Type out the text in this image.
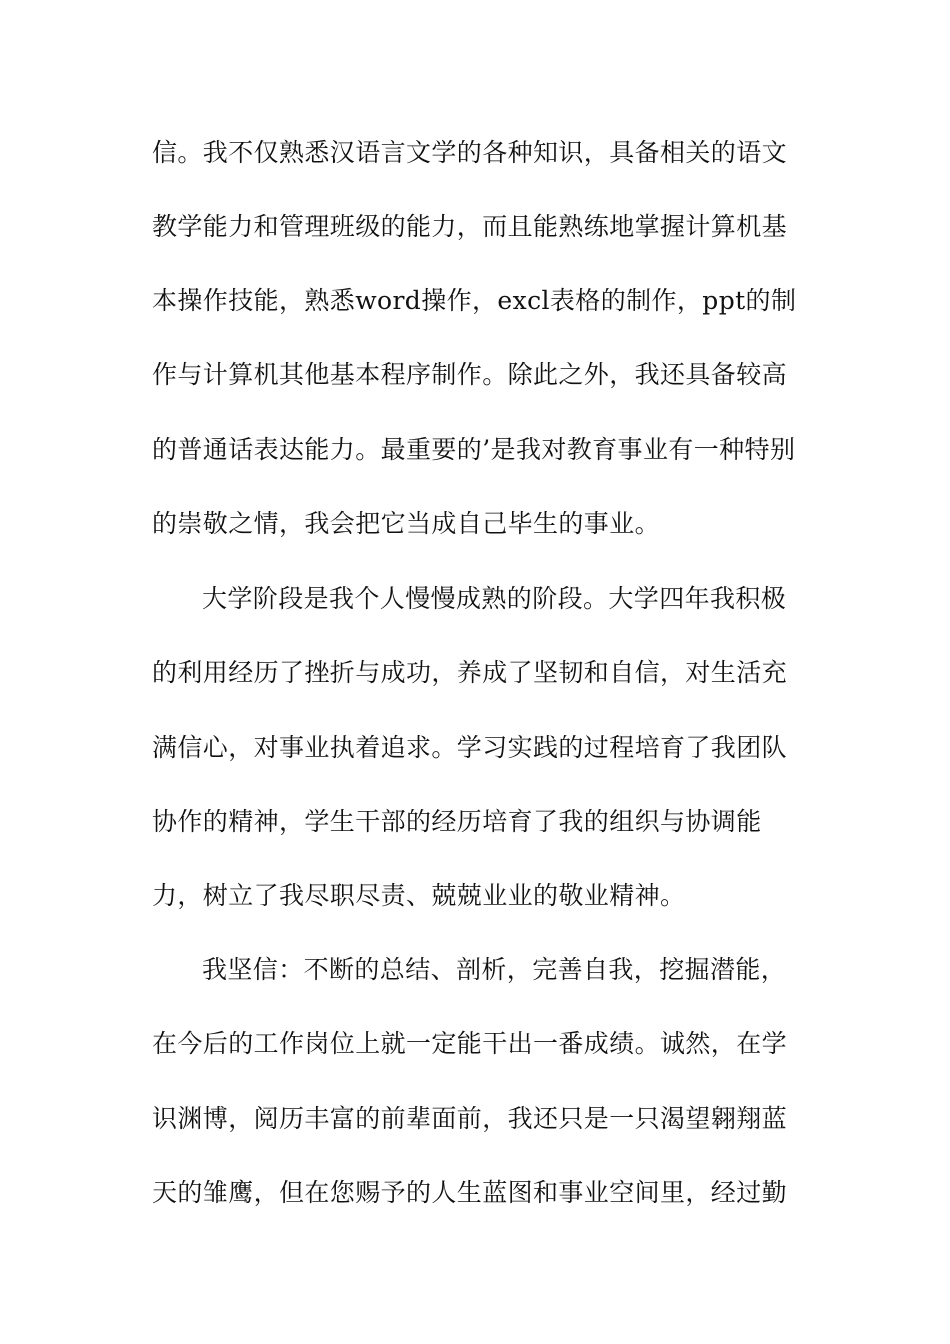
信。我不仅熟悉汉语言文学的各种知识，具备相关的语文
教学能力和管理班级的能力，而且能熟练地掌握计算机基
本操作技能，熟悉word操作，excl表格的制作，ppt的制
作与计算机其他基本程序制作。除此之外，我还具备较高
的普通话表达能力。最重要的’是我对教育事业有一种特别
的崇敬之情，我会把它当成自己毕生的事业。
大学阶段是我个人慢慢成熟的阶段。大学四年我积极
的利用经历了挫折与成功，养成了坚韧和自信，对生活充
满信心，对事业执着追求。学习实践的过程培育了我团队
协作的精神，学生干部的经历培育了我的组织与协调能
力，树立了我尽职尽责、兢兢业业的敬业精神。
我坚信：不断的总结、剖析，完善自我，挖掘潜能，
在今后的工作岗位上就一定能干出一番成绩。诚然，在学
识渊博，阅历丰富的前辈面前，我还只是一只渴望翱翔蓝
天的雏鹰，但在您赐予的人生蓝图和事业空间里，经过勤
